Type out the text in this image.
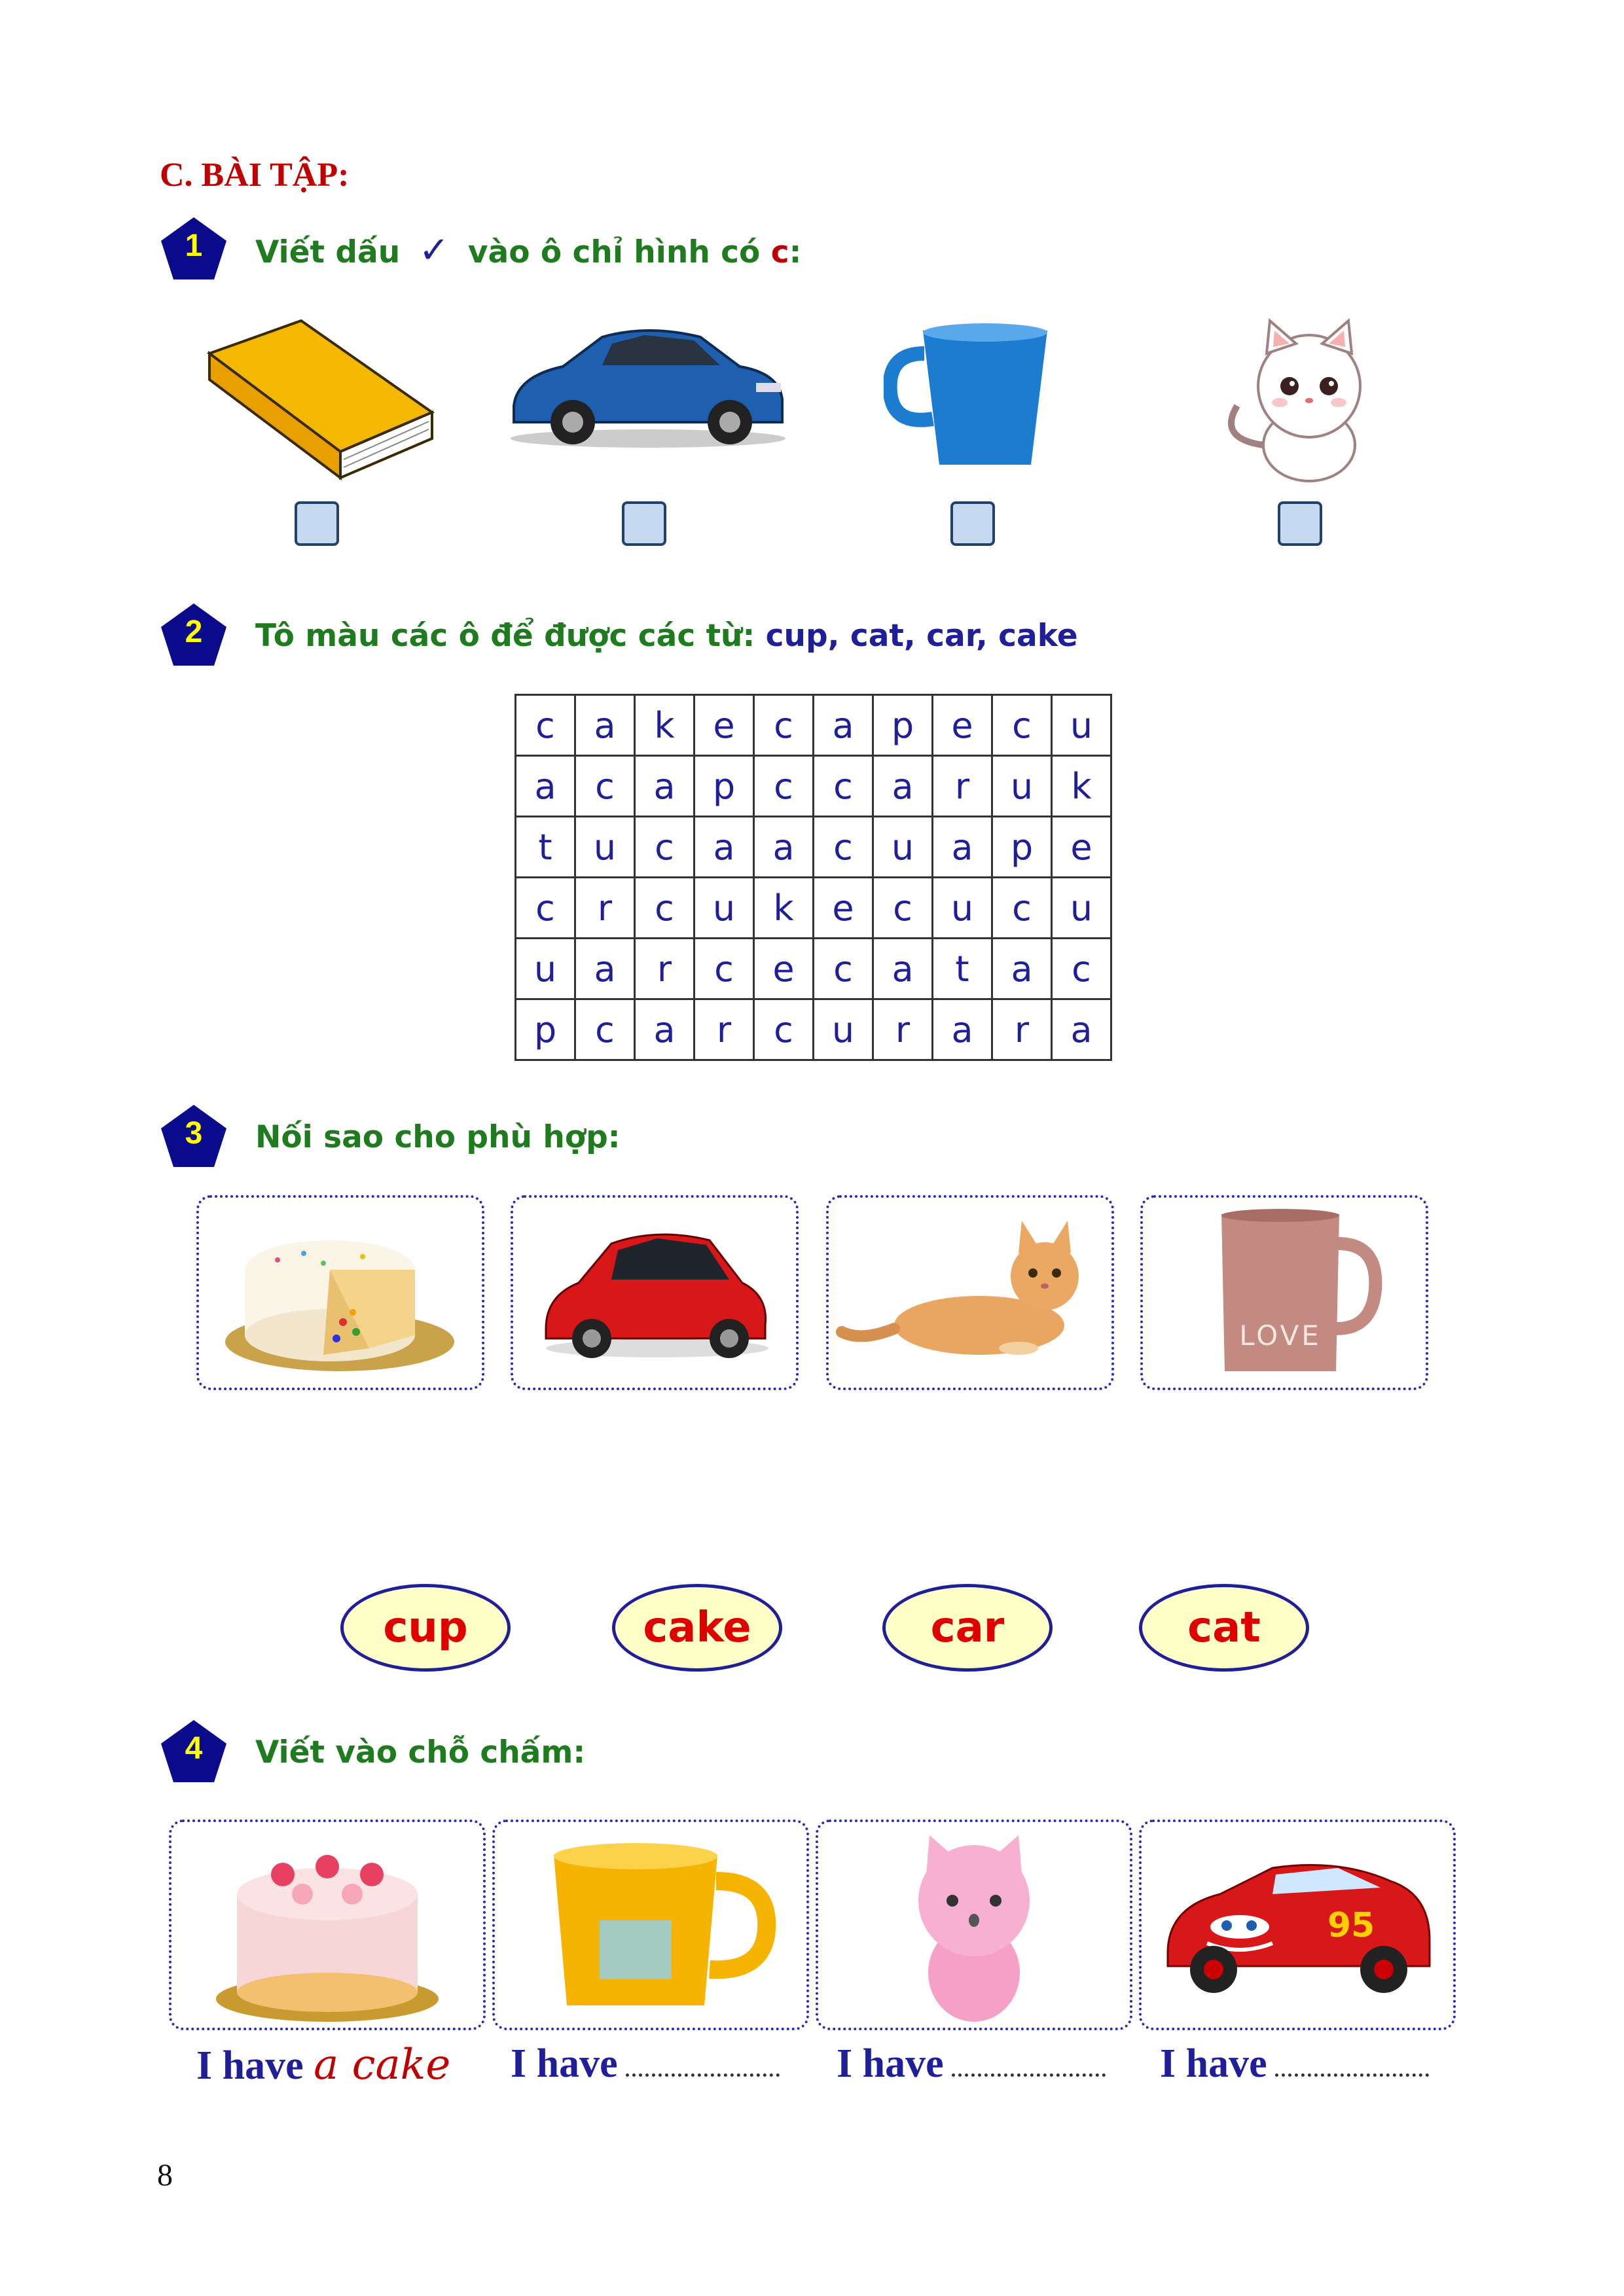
C. BÀI TẬP:
1	Viết dấu ✓ vào ô chỉ hình có c:
2	Tô màu các ô để được các từ: cup, cat, car, cake
c	a	k	e	c	a	p	e	c	u
a	c	a	p	c	c	a	r	u	k
t	u	c	a	a	c	u	a	p	e
c	r	c	u	k	e	c	u	c	u
u	a	r	c	e	c	a	t	a	c
p	c	a	r	c	u	r	a	r	a
3	Nối sao cho phù hợp:
LOVE
cup	cake	car	cat
4	Viết vào chỗ chấm:
95
I have a cake I have	I have	I have
8
